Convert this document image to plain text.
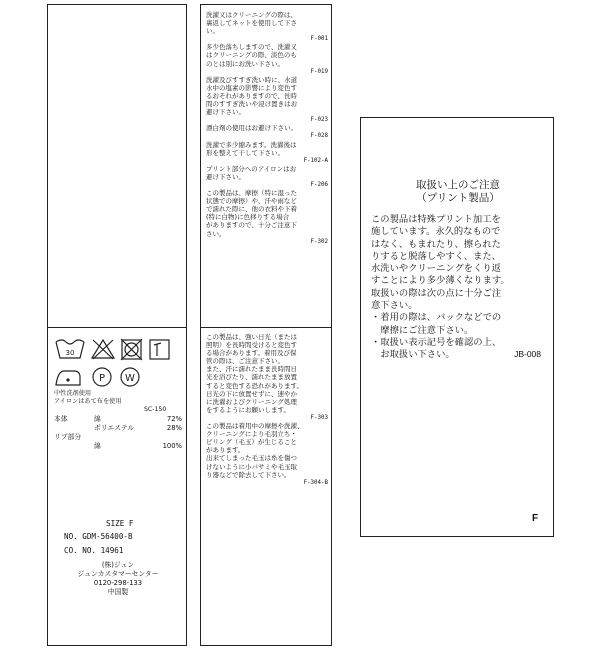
30
P W
中性洗剤使用
アイロンはあて布を使用
SC-150
本体	綿	72%
ポリエステル	28%
リブ部分
綿	100%
SIZE F
NO. GDM-56400-B
CO. NO. 14961
(株)ジュン
ジュンカスタマーセンター
0120-298-133
中国製
洗濯又はクリーニングの際は、
裏返してネットを使用して下さ
い。
F-001
多少色落ちしますので、洗濯又
はクリーニングの際、淡色のも
のとは別にお洗い下さい。
F-019
洗濯及びすすぎ洗い時に、水道
水中の塩素の影響により変色す
るおそれがありますので、長時
間のすすぎ洗いや浸け置きはお
避け下さい。
F-023
漂白剤の使用はお避け下さい。
F-028
洗濯で多少縮みます。洗濯後は
形を整えて干して下さい。
F-102-A
プリント部分へのアイロンはお
避け下さい。
F-206
この製品は、摩擦（特に湿った
状態での摩擦）や、汗や雨など
で濡れた際に、他の衣料や下着
(特に白物)に色移りする場合
がありますので、十分ご注意下
さい。
F-302
この製品は、強い日光（または
照明）を長時間受けると変色す
る場合があります。着用及び保
管の際は、ご注意下さい。
また、汗に濡れたまま長時間日
光を浴びたり、濡れたまま放置
すると変色する恐れがあります。
日光の下に放置せずに、速やか
に洗濯およびクリーニング処理
をするようにお願いします。
F-303
この製品は着用中の摩擦や洗濯、
クリーニングにより毛羽立ち・
ピリング（毛玉）が生じること
があります。
出来てしまった毛玉は糸を傷つ
けないように小バサミや毛玉取
り器などで除去して下さい。
F-304-B
取扱い上のご注意
（プリント製品）
この製品は特殊プリント加工を
施しています。永久的なもので
はなく、もまれたり、擦られた
りすると脱落しやすく、また、
水洗いやクリーニングをくり返
すことにより多少薄くなります。
取扱いの際は次の点に十分ご注
意下さい。
・着用の際は、バックなどでの
　摩擦にご注意下さい。
・取扱い表示記号を確認の上、
　お取扱い下さい。	JB-008
F
